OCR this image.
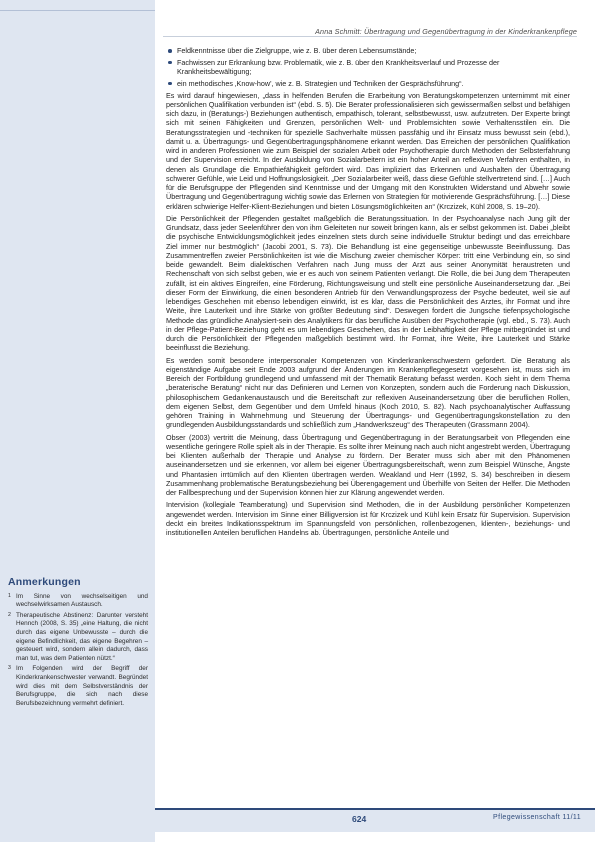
Anna Schmitt: Übertragung und Gegenübertragung in der Kinderkrankenpflege
Anmerkungen
1 Im Sinne von wechselseitigen und wechselwirksamen Austausch.
2 Therapeutische Abstinenz: Darunter versteht Hennch (2008, S. 35) „eine Haltung, die nicht durch das eigene Unbewusste – durch die eigene Befindlichkeit, das eigene Begehren – gesteuert wird, sondern allein dadurch, dass man tut, was dem Patienten nützt.“
3 Im Folgenden wird der Begriff der Kinderkrankenschwester verwandt. Begründet wird dies mit dem Selbstverständnis der Berufsgruppe, die sich nach diese Berufsbezeichnung vermehrt definiert.
Feldkenntnisse über die Zielgruppe, wie z. B. über deren Lebensumstände;
Fachwissen zur Erkrankung bzw. Problematik, wie z. B. über den Krankheitsverlauf und Prozesse der Krankheitsbewältigung;
ein methodisches ‚Know-how', wie z. B. Strategien und Techniken der Gesprächsführung“.

Es wird darauf hingewiesen, „dass in helfenden Berufen die Erarbeitung von Beratungskompetenzen unternimmt mit einer persönlichen Qualifikation verbunden ist“ (ebd. S. 5). Die Berater professionalisieren sich gewissermaßen selbst und befähigen sich dazu, in (Beratungs-) Beziehungen authentisch, empathisch, tolerant, selbstbewusst, usw. aufzutreten. Der Experte bringt sich mit seinen Fähigkeiten und Grenzen, persönlichen Welt- und Problemsichten sowie Verhaltensstilen ein. Die Beratungsstrategien und -techniken für spezielle Sachverhalte müssen passfähig und ihr Einsatz muss bewusst sein (ebd.), damit u. a. Übertragungs- und Gegenübertragungsphänomene erkannt werden. Das Erreichen der persönlichen Qualifikation wird in anderen Professionen wie zum Beispiel der sozialen Arbeit oder Psychotherapie durch Methoden der Selbsterfahrung und der Supervision erreicht. In der Ausbildung von Sozialarbeitern ist ein hoher Anteil an reflexiven Verfahren enthalten, in denen als Grundlage die Empathiefähigkeit gefördert wird. Das impliziert das Erkennen und Aushalten der Übertragung schwerer Gefühle, wie Leid und Hoffnungslosigkeit. „Der Sozialarbeiter weiß, dass diese Gefühle stellvertretend sind. […] Auch für die Berufsgruppe der Pflegenden sind Kenntnisse und der Umgang mit den Konstrukten Widerstand und Abwehr sowie Übertragung und Gegenübertragung wichtig sowie das Erlernen von Strategien für motivierende Gesprächsführung. […] Diese erklären schwierige Helfer-Klient-Beziehungen und bieten Lösungsmöglichkeiten an“ (Krczizek, Kühl 2008, S. 19–20).

Die Persönlichkeit der Pflegenden gestaltet maßgeblich die Beratungssituation. In der Psychoanalyse nach Jung gilt der Grundsatz, dass jeder Seelenführer den von ihm Geleiteten nur soweit bringen kann, als er selbst gekommen ist. Dabei „bleibt die psychische Entwicklungsmöglichkeit jedes einzelnen stets durch seine individuelle Struktur bedingt und das erreichbare Ziel immer nur bestmöglich“ (Jacobi 2001, S. 73). Die Behandlung ist eine gegenseitige unbewusste Beeinflussung. Das Zusammentreffen zweier Persönlichkeiten ist wie die Mischung zweier chemischer Körper: tritt eine Verbindung ein, so sind beide gewandelt. Beim dialektischen Verfahren nach Jung muss der Arzt aus seiner Anonymität heraustreten und Rechenschaft von sich selbst geben, wie er es auch von seinem Patienten verlangt. Die Rolle, die bei Jung dem Therapeuten zufällt, ist ein aktives Eingreifen, eine Förderung, Richtungsweisung und stellt eine persönliche Auseinandersetzung dar. „Bei dieser Form der Einwirkung, die einen besonderen Antrieb für den Verwandlungsprozess der Psyche bedeutet, weil sie auf lebendiges Geschehen mit ebenso lebendigen einwirkt, ist es klar, dass die Persönlichkeit des Arztes, ihr Format und ihre Weite, ihre Lauterkeit und ihre Stärke von größter Bedeutung sind“. Deswegen fordert die Jungsche tiefenpsychologische Methode das gründliche Analysiert-sein des Analytikers für das berufliche Ausüben der Psychotherapie (vgl. ebd., S. 73). Auch in der Pflege-Patient-Beziehung geht es um lebendiges Geschehen, das in der Leibhaftigkeit der Pflege mitbegründet ist und durch die Persönlichkeit der Pflegenden maßgeblich bestimmt wird. Ihr Format, ihre Weite, ihre Lauterkeit und Stärke beeinflusst die Beziehung.

Es werden somit besondere interpersonaler Kompetenzen von Kinderkrankenschwestern gefordert. Die Beratung als eigenständige Aufgabe seit Ende 2003 aufgrund der Änderungen im Krankenpflegegesetzt vorgesehen ist, muss sich im Bereich der Fortbildung grundlegend und umfassend mit der Thematik Beratung befasst werden. Koch sieht in dem Thema „beraterische Beratung“ nicht nur das Definieren und Lernen von Konzepten, sondern auch die Forderung nach Diskussion, philosophischem Gedankenaustausch und die Bereitschaft zur reflexiven Auseinandersetzung über die beruflichen Rollen, dem eigenen Selbst, dem Gegenüber und dem Umfeld hinaus (Koch 2010, S. 82). Nach psychoanalytischer Auffassung gehören Training in Wahrnehmung und Steuerung der Übertragungs- und Gegenübertragungskonstellation zu den grundlegenden Ausbildungsstandards und schließlich zum „Handwerkszeug“ des Therapeuten (Grassmann 2004).

Obser (2003) vertritt die Meinung, dass Übertragung und Gegenübertragung in der Beratungsarbeit von Pflegenden eine wesentliche geringere Rolle spielt als in der Therapie. Es sollte ihrer Meinung nach auch nicht angestrebt werden, Übertragung bei Klienten außerhalb der Therapie und Analyse zu fördern. Der Berater muss sich aber mit den Phänomenen auseinandersetzen und sie erkennen, vor allem bei eigener Übertragungsbereitschaft, wenn zum Beispiel Wünsche, Ängste und Phantasien irrtümlich auf den Klienten übertragen werden. Weakland und Herr (1992, S. 34) beschreiben in diesem Zusammenhang problematische Beratungsbeziehung bei Überengagement und Überhilfe von Seiten der Helfer. Die Methoden der Fallbesprechung und der Supervision können hier zur Klärung angewendet werden.

Intervision (kollegiale Teamberatung) und Supervision sind Methoden, die in der Ausbildung persönlicher Kompetenzen angewendet werden. Intervision im Sinne einer Billigversion ist für Krczizek und Kühl kein Ersatz für Supervision. Supervision deckt ein breites Indikationsspektrum im Spannungsfeld von persönlichen, rollenbezogenen, klienten-, beziehungs- und institutionellen Anteilen beruflichen Handelns ab. Übertragungen, persönliche Anteile und

624	Pflegewissenschaft 11/11
